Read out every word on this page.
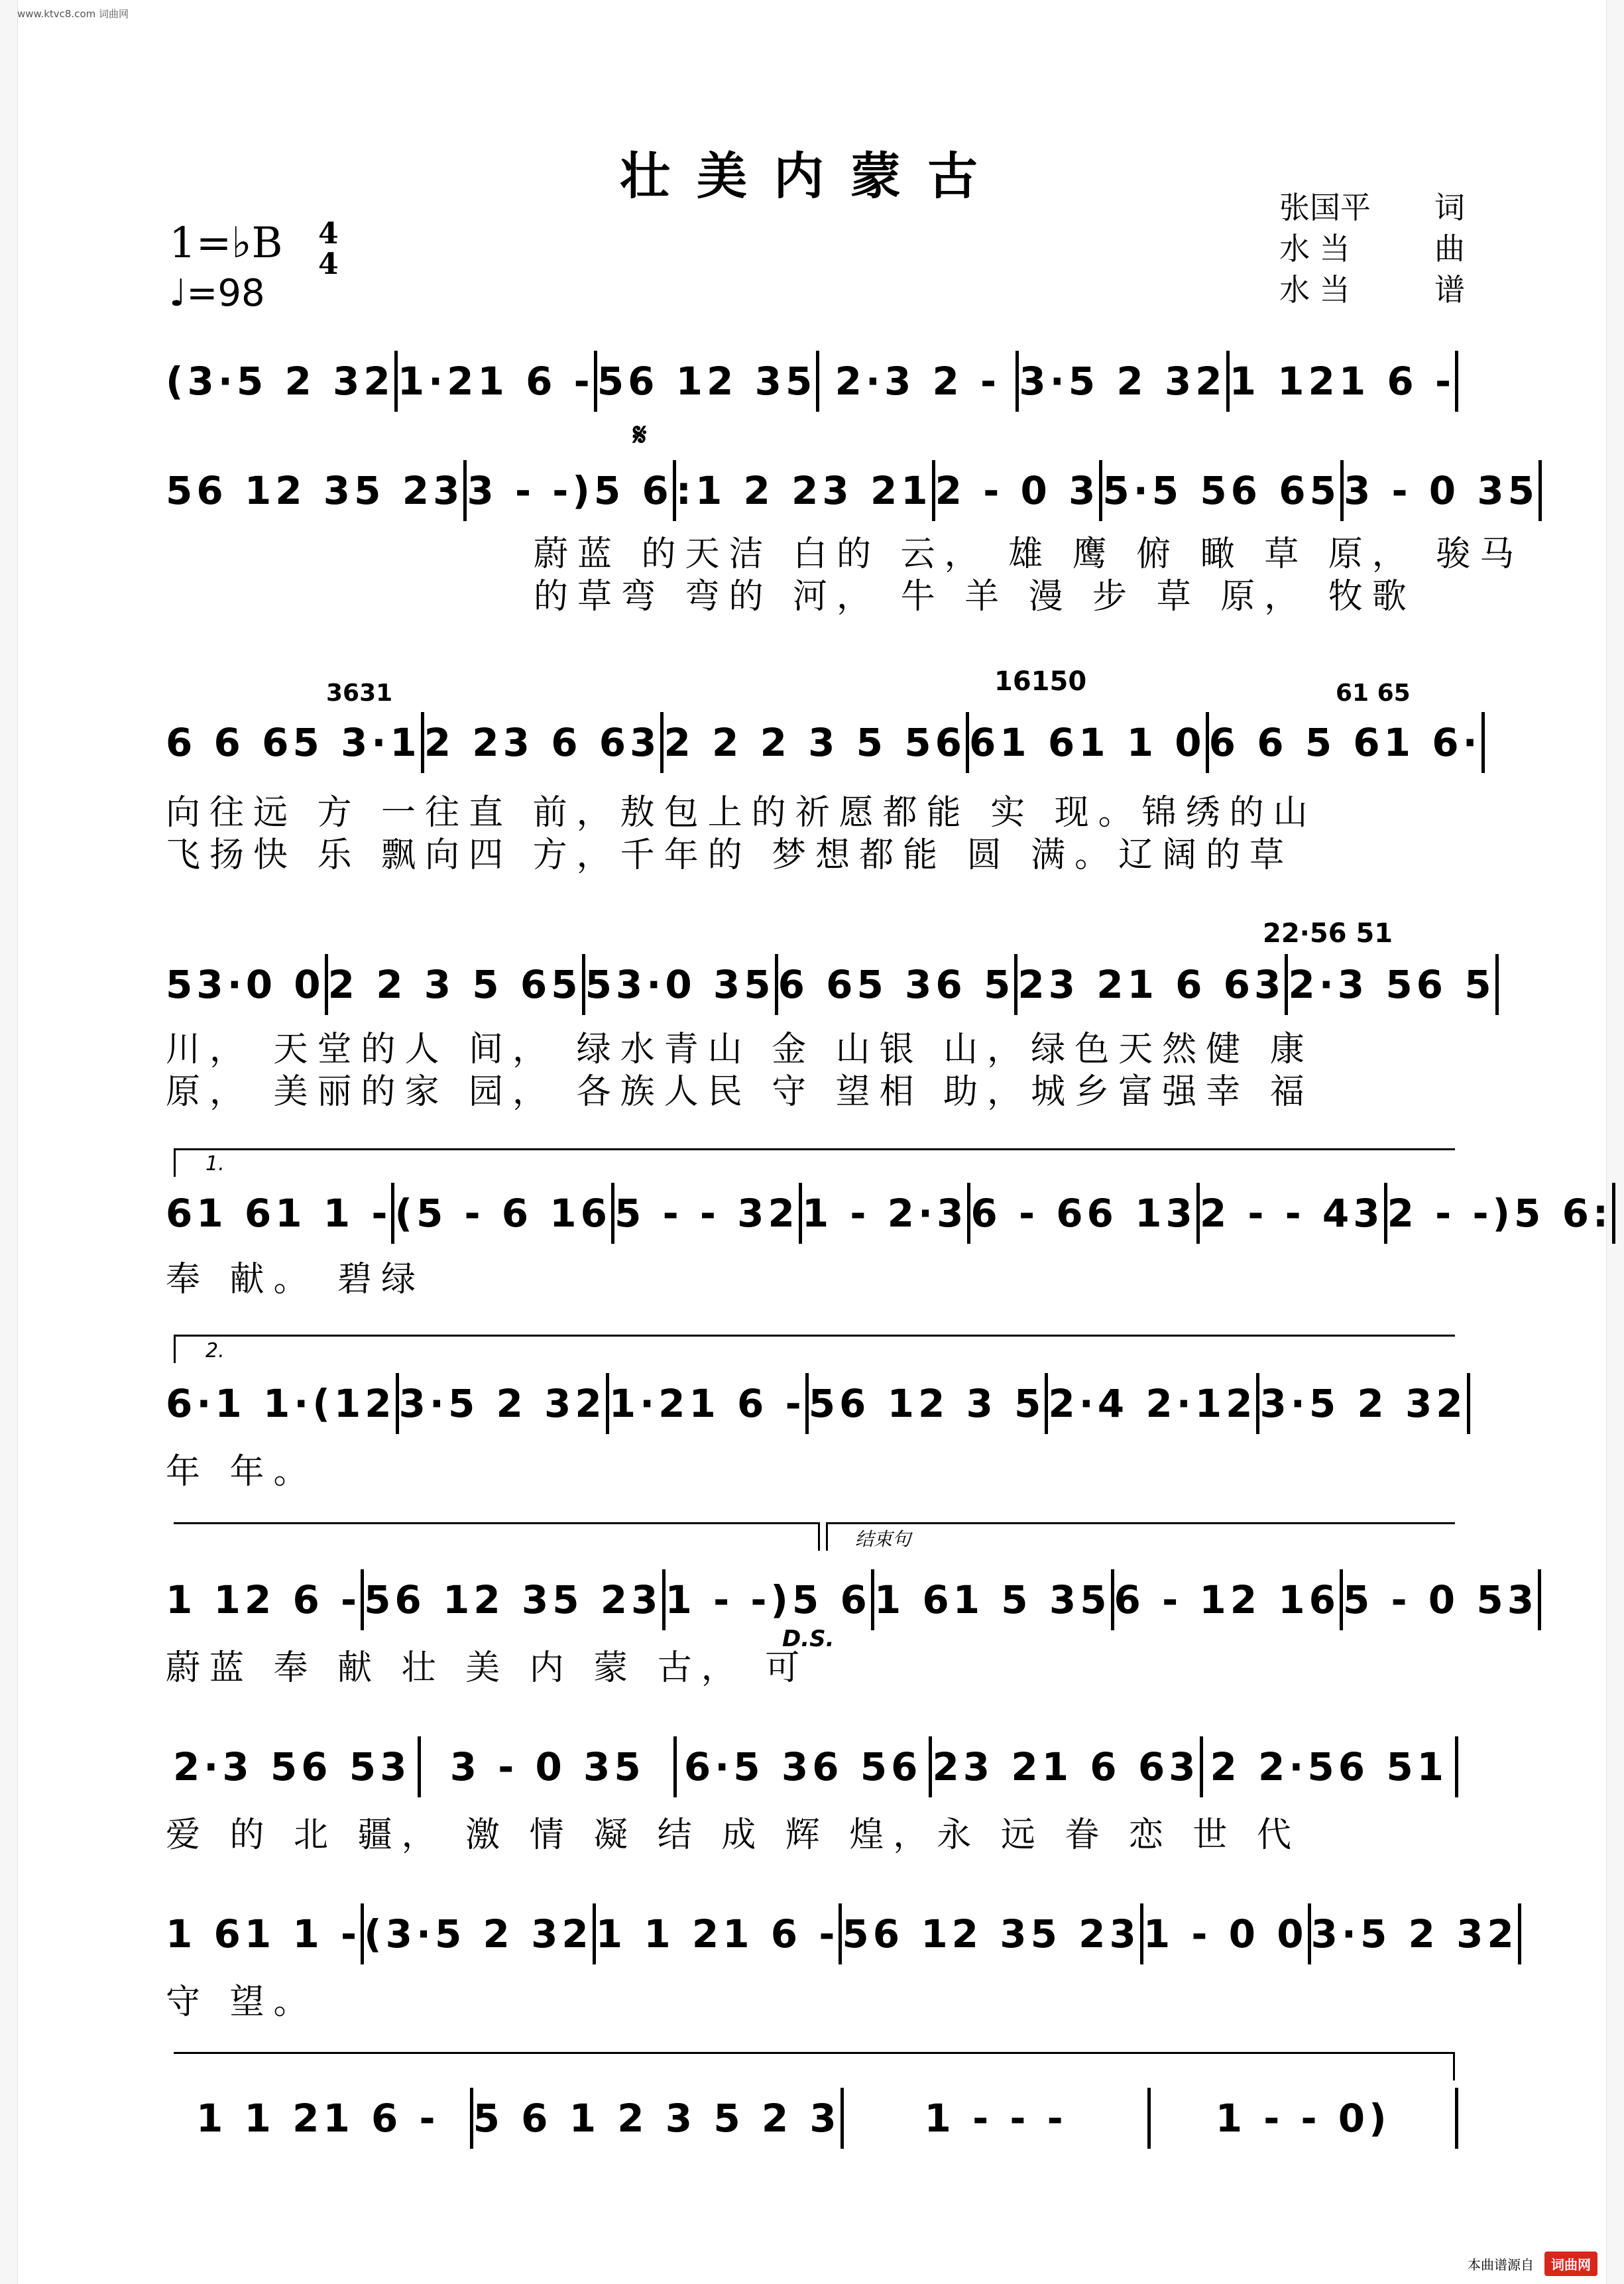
www.ktvc8.com 词曲网
壮美内蒙古
张国平 词
水 当	曲
水 当	谱
1=♭B 4
4
♩=98
𝄋
3631	16150	61 65
22·56 51
1.
2.
结束句
D.S.
(3·5 2 32 1·21 6 - 56 12 35 2·3 2 - 3·5 2 32 1 121 6 -
56 12 35 23 3 - -) 5 6 :1 2 23 21 2 - 0 3 5·5 56 65 3 - 0 35
蔚蓝 的天洁 白的 云， 雄 鹰 俯 瞰 草 原， 骏马
的草弯 弯的 河， 牛 羊 漫 步 草 原， 牧歌
6 6 65 3·1 2 23 6 63 2 2 2 3 5 56 61 61 1 0 6 6 5 61 6·
向往远 方 一往直 前，敖包上的祈愿都能 实 现。锦绣的山
飞扬快 乐 飘向四 方，千年的 梦想都能 圆 满。辽阔的草
53·0 0 2 2 3 5 65 53·0 35 6 65 36 5 23 21 6 63 2·3 56 5
川， 天堂的人 间， 绿水青山 金 山银 山，绿色天然健 康
原， 美丽的家 园， 各族人民 守 望相 助，城乡富强幸 福
61 61 1 - (5 - 6 16 5 - - 32 1 - 2·3 6 - 66 13 2 - - 43 2 - -) 5 6:
奉 献。 碧绿
6·1 1·(12 3·5 2 32 1·21 6 - 56 12 3 5 2·4 2·12 3·5 2 32
年 年。
1 12 6 - 56 12 35 23 1 - -) 5 6 1 61 5 35 6 - 12 16 5 - 0 53
蔚蓝 奉 献 壮 美 内 蒙 古， 可
2·3 56 53	3 - 0 35	6·5 36 56 23 21 6 63 2 2·56 51
爱 的 北 疆， 激 情 凝 结 成 辉 煌，永 远 眷 恋 世 代
1 61 1 - (3·5 2 32 1 1 21 6 - 56 12 35 23 1 - 0 0 3·5 2 32
守 望。
1 1 21 6 - 5 6 1 2 3 5 2 3	1 - - -	1 - - 0)
本曲谱源自	词曲网
